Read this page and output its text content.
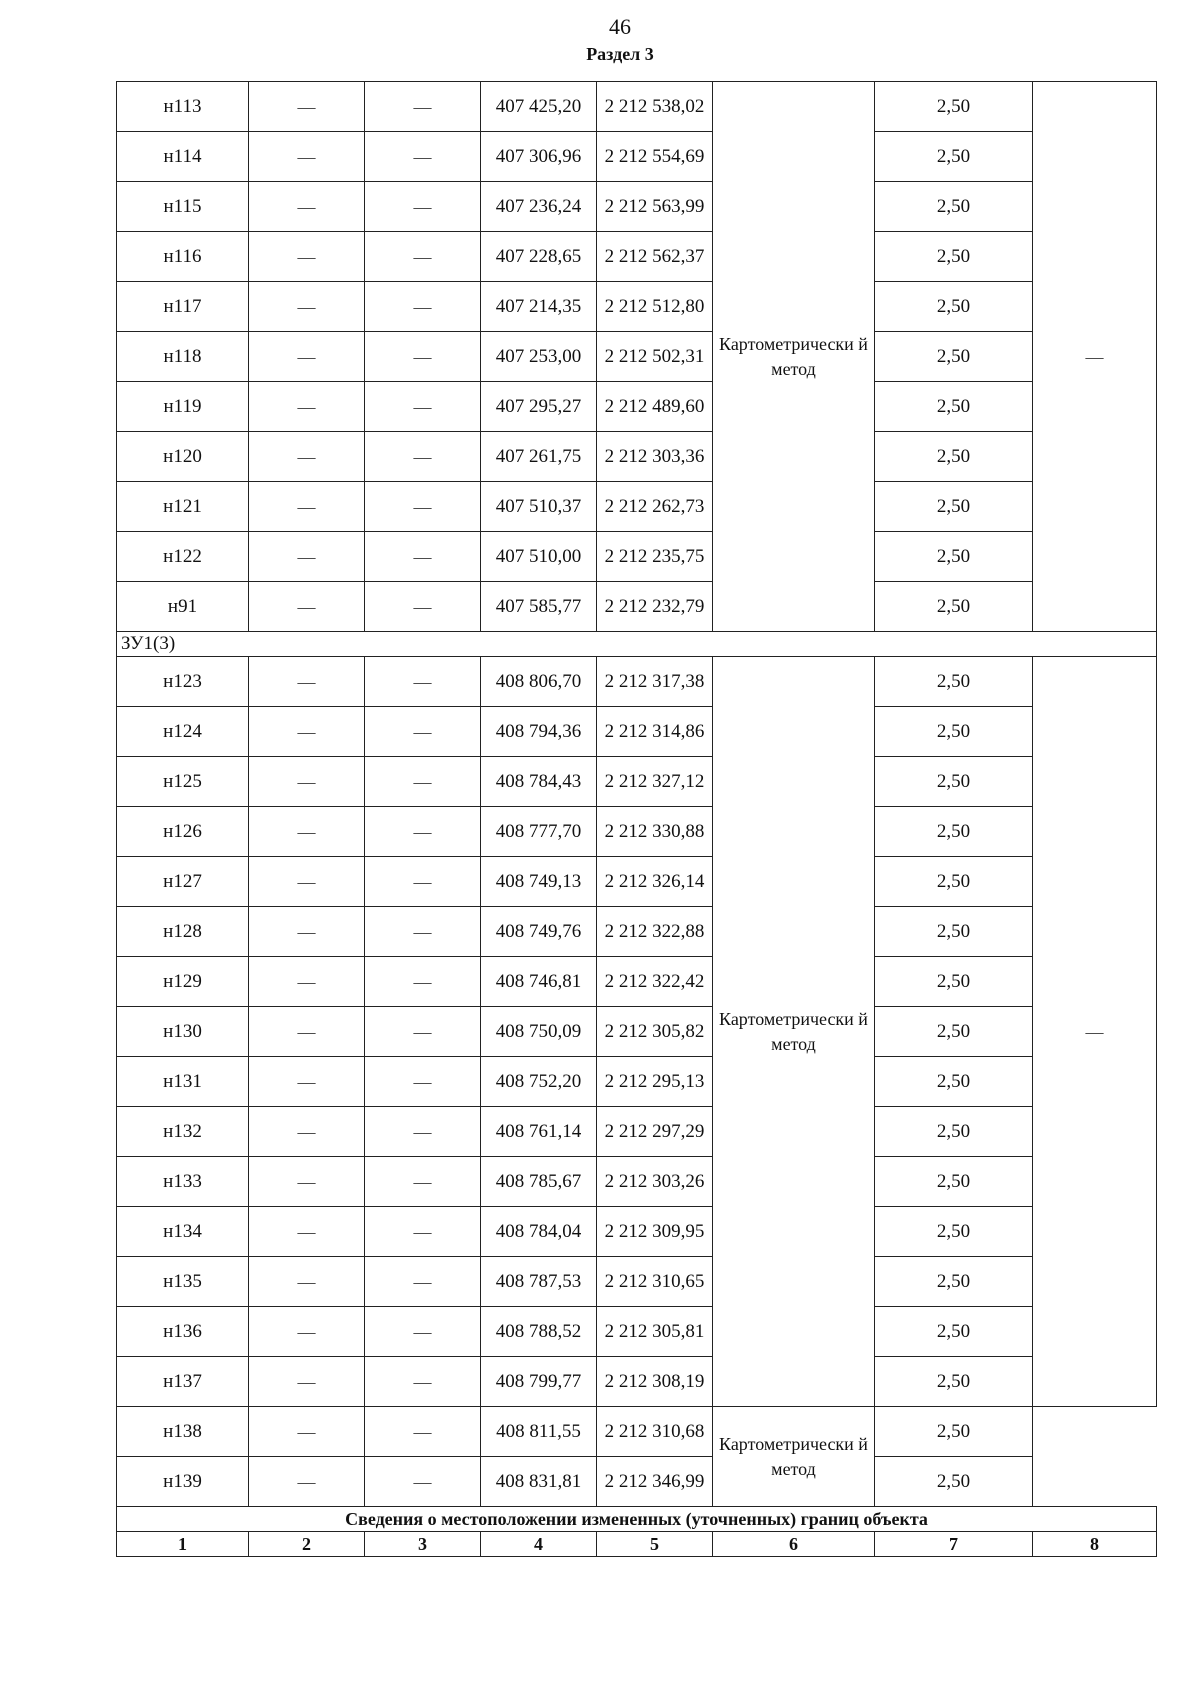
46
Раздел 3
н113	—	—	407 425,20	2 212 538,02	Картометрически й метод	2,50	—
н114	—	—	407 306,96	2 212 554,69		2,50	
н115	—	—	407 236,24	2 212 563,99		2,50	
н116	—	—	407 228,65	2 212 562,37		2,50	
н117	—	—	407 214,35	2 212 512,80		2,50	
н118	—	—	407 253,00	2 212 502,31		2,50	
н119	—	—	407 295,27	2 212 489,60		2,50	
н120	—	—	407 261,75	2 212 303,36		2,50	
н121	—	—	407 510,37	2 212 262,73		2,50	
н122	—	—	407 510,00	2 212 235,75		2,50	
н91	—	—	407 585,77	2 212 232,79		2,50	
ЗУ1(3)							
н123	—	—	408 806,70	2 212 317,38	Картометрически й метод	2,50	—
н124	—	—	408 794,36	2 212 314,86		2,50	
н125	—	—	408 784,43	2 212 327,12		2,50	
н126	—	—	408 777,70	2 212 330,88		2,50	
н127	—	—	408 749,13	2 212 326,14		2,50	
н128	—	—	408 749,76	2 212 322,88		2,50	
н129	—	—	408 746,81	2 212 322,42		2,50	
н130	—	—	408 750,09	2 212 305,82		2,50	
н131	—	—	408 752,20	2 212 295,13		2,50	
н132	—	—	408 761,14	2 212 297,29		2,50	
н133	—	—	408 785,67	2 212 303,26		2,50	
н134	—	—	408 784,04	2 212 309,95		2,50	
н135	—	—	408 787,53	2 212 310,65		2,50	
н136	—	—	408 788,52	2 212 305,81		2,50	
н137	—	—	408 799,77	2 212 308,19		2,50	
н138	—	—	408 811,55	2 212 310,68	Картометрически й метод	2,50	
н139	—	—	408 831,81	2 212 346,99		2,50	
Сведения о местоположении измененных (уточненных) границ объекта							
1	2	3	4	5	6	7	8
